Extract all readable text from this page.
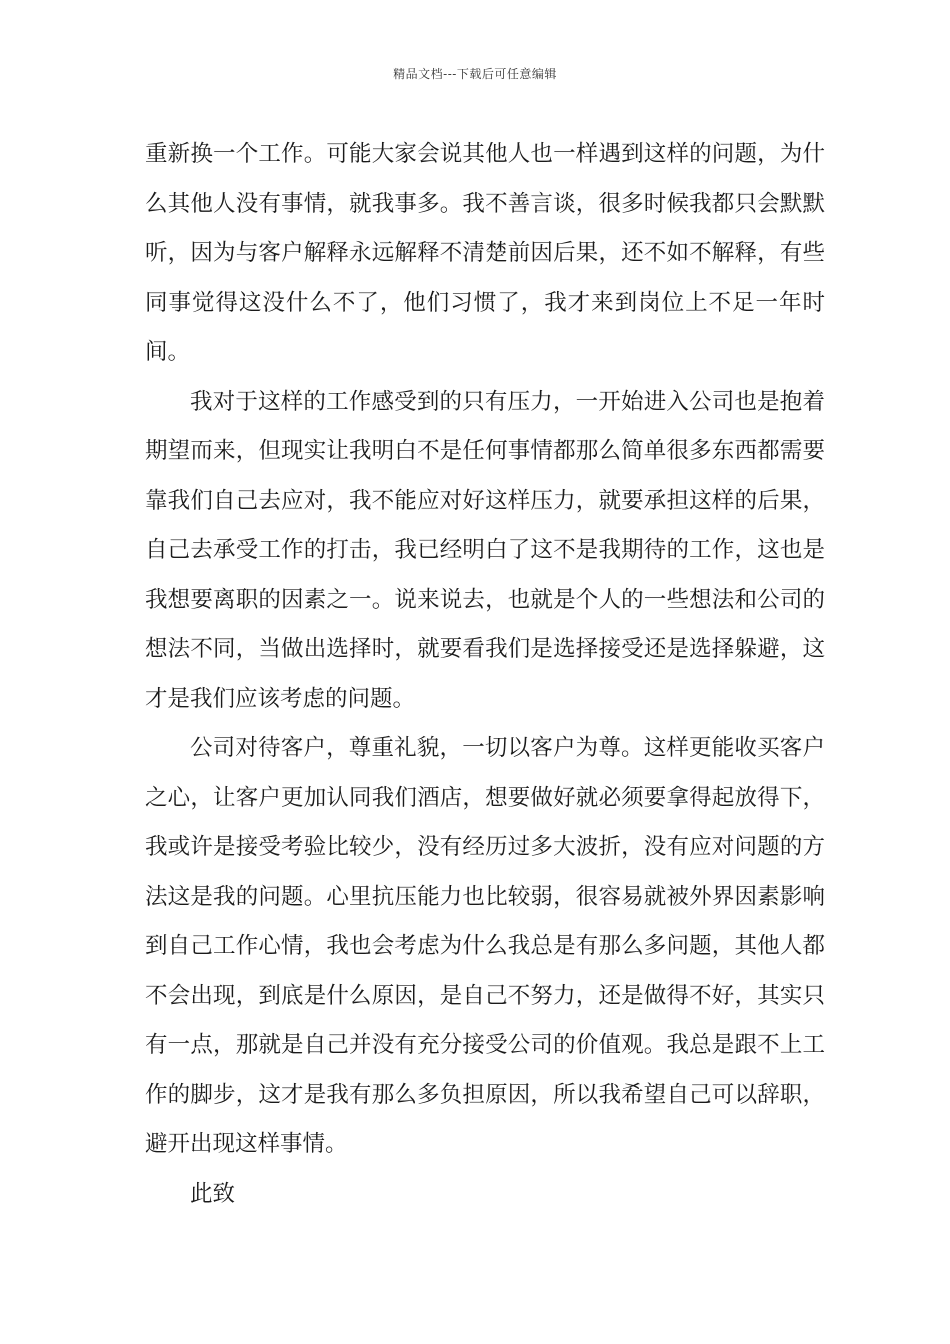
精品文档---下载后可任意编辑

重新换一个工作。可能大家会说其他人也一样遇到这样的问题，为什么其他人没有事情，就我事多。我不善言谈，很多时候我都只会默默听，因为与客户解释永远解释不清楚前因后果，还不如不解释，有些同事觉得这没什么不了，他们习惯了，我才来到岗位上不足一年时间。

我对于这样的工作感受到的只有压力，一开始进入公司也是抱着期望而来，但现实让我明白不是任何事情都那么简单很多东西都需要靠我们自己去应对，我不能应对好这样压力，就要承担这样的后果，自己去承受工作的打击，我已经明白了这不是我期待的工作，这也是我想要离职的因素之一。说来说去，也就是个人的一些想法和公司的想法不同，当做出选择时，就要看我们是选择接受还是选择躲避，这才是我们应该考虑的问题。

公司对待客户，尊重礼貌，一切以客户为尊。这样更能收买客户之心，让客户更加认同我们酒店，想要做好就必须要拿得起放得下，我或许是接受考验比较少，没有经历过多大波折，没有应对问题的方法这是我的问题。心里抗压能力也比较弱，很容易就被外界因素影响到自己工作心情，我也会考虑为什么我总是有那么多问题，其他人都不会出现，到底是什么原因，是自己不努力，还是做得不好，其实只有一点，那就是自己并没有充分接受公司的价值观。我总是跟不上工作的脚步，这才是我有那么多负担原因，所以我希望自己可以辞职，避开出现这样事情。

此致
